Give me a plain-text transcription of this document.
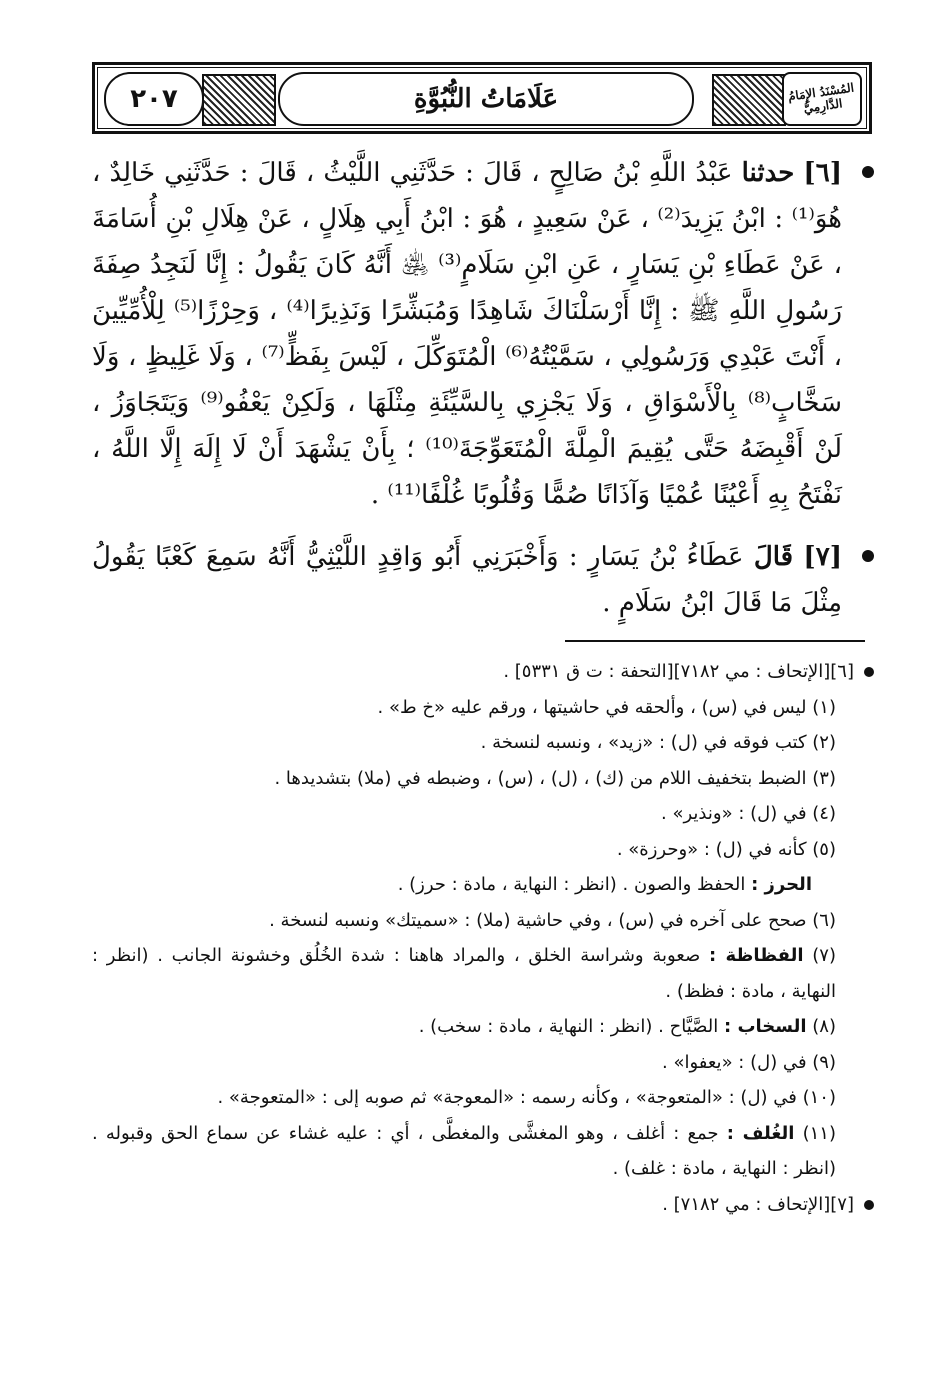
٢٠٧	عَلَامَاتُ النُّبُوَّةِ	المُسْنَدُ الإِمَامُ الدَّارِمِيُّ

[٦] حدثنا عَبْدُ اللَّهِ بْنُ صَالِحٍ ، قَالَ : حَدَّثَنِي اللَّيْثُ ، قَالَ : حَدَّثَنِي خَالِدٌ ، هُوَ⁽¹⁾ : ابْنُ يَزِيدَ⁽²⁾ ، عَنْ سَعِيدٍ ، هُوَ : ابْنُ أَبِي هِلَالٍ ، عَنْ هِلَالِ بْنِ أُسَامَةَ ، عَنْ عَطَاءِ بْنِ يَسَارٍ ، عَنِ ابْنِ سَلَامٍ⁽³⁾ ﵁ أَنَّهُ كَانَ يَقُولُ : إِنَّا لَنَجِدُ صِفَةَ رَسُولِ اللَّهِ ﷺ : إِنَّا أَرْسَلْنَاكَ شَاهِدًا وَمُبَشِّرًا وَنَذِيرًا⁽⁴⁾ ، وَحِرْزًا⁽⁵⁾ لِلْأُمِّيِّينَ ، أَنْتَ عَبْدِي وَرَسُولِي ، سَمَّيْتُهُ⁽⁶⁾ الْمُتَوَكِّلَ ، لَيْسَ بِفَظٍّ⁽⁷⁾ ، وَلَا غَلِيظٍ ، وَلَا سَخَّابٍ⁽⁸⁾ بِالْأَسْوَاقِ ، وَلَا يَجْزِي بِالسَّيِّئَةِ مِثْلَهَا ، وَلَكِنْ يَعْفُو⁽⁹⁾ وَيَتَجَاوَزُ ، لَنْ أَقْبِضَهُ حَتَّى يُقِيمَ الْمِلَّةَ الْمُتَعَوِّجَةَ⁽¹⁰⁾ ؛ بِأَنْ يَشْهَدَ أَنْ لَا إِلَهَ إِلَّا اللَّهُ ، نَفْتَحُ بِهِ أَعْيُنًا عُمْيًا وَآذَانًا صُمًّا وَقُلُوبًا غُلْفًا⁽¹¹⁾ .

[٧] قَالَ عَطَاءُ بْنُ يَسَارٍ : وَأَخْبَرَنِي أَبُو وَاقِدٍ اللَّيْثِيُّ أَنَّهُ سَمِعَ كَعْبًا يَقُولُ مِثْلَ مَا قَالَ ابْنُ سَلَامٍ .

[٦][الإتحاف : مي ٧١٨٢][التحفة : ت ق ٥٣٣١] .

(١) ليس في (س) ، وألحقه في حاشيتها ، ورقم عليه «خ ط» .

(٢) كتب فوقه في (ل) : «زيد» ، ونسبه لنسخة .

(٣) الضبط بتخفيف اللام من (ك) ، (ل) ، (س) ، وضبطه في (ملا) بتشديدها .

(٤) في (ل) : «ونذير» .

(٥) كأنه في (ل) : «وحرزة» .

الحرز : الحفظ والصون . (انظر : النهاية ، مادة : حرز) .

(٦) صحح على آخره في (س) ، وفي حاشية (ملا) : «سميتك» ونسبه لنسخة .

(٧) الفظاظة : صعوبة وشراسة الخلق ، والمراد هاهنا : شدة الخُلُق وخشونة الجانب . (انظر : النهاية ، مادة : فظظ) .

(٨) السخاب : الصَّيَّاح . (انظر : النهاية ، مادة : سخب) .

(٩) في (ل) : «يعفوا» .

(١٠) في (ل) : «المتعوجة» ، وكأنه رسمه : «المعوجة» ثم صوبه إلى : «المتعوجة» .

(١١) الغُلف : جمع : أغلف ، وهو المغشَّى والمغطَّى ، أي : عليه غشاء عن سماع الحق وقبوله . (انظر : النهاية ، مادة : غلف) .

[٧][الإتحاف : مي ٧١٨٢] .
